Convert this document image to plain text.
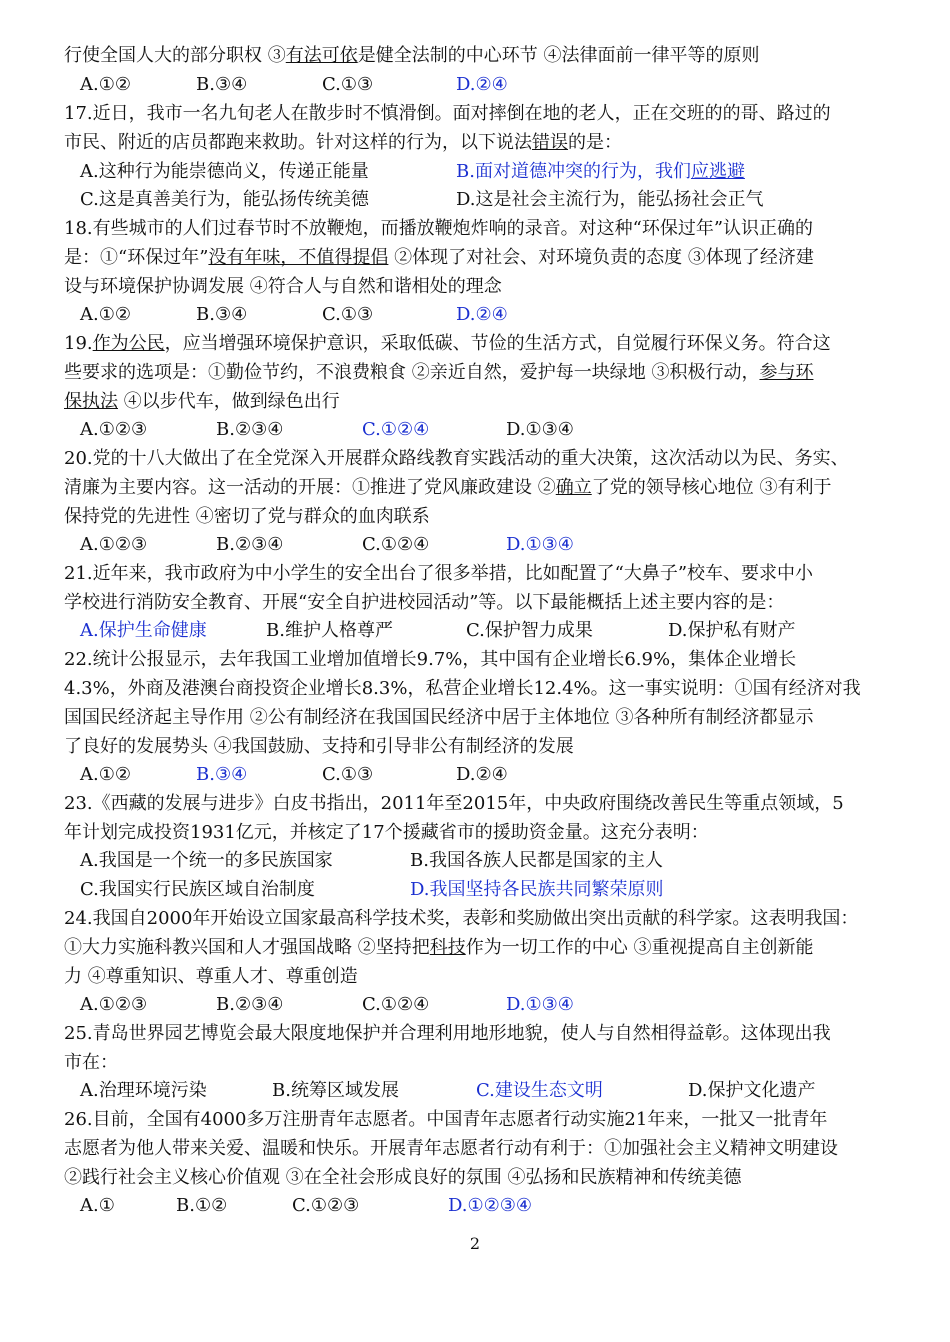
行使全国人大的部分职权 ③有法可依是健全法制的中心环节 ④法律面前一律平等的原则
17.近日，我市一名九旬老人在散步时不慎滑倒。面对摔倒在地的老人，正在交班的的哥、路过的
市民、附近的店员都跑来救助。针对这样的行为，以下说法错误的是：
18.有些城市的人们过春节时不放鞭炮，而播放鞭炮炸响的录音。对这种“环保过年”认识正确的
是：①“环保过年”没有年味，不值得提倡 ②体现了对社会、对环境负责的态度 ③体现了经济建
设与环境保护协调发展 ④符合人与自然和谐相处的理念
19.作为公民，应当增强环境保护意识，采取低碳、节俭的生活方式，自觉履行环保义务。符合这
些要求的选项是：①勤俭节约，不浪费粮食 ②亲近自然，爱护每一块绿地 ③积极行动，参与环
保执法 ④以步代车，做到绿色出行
20.党的十八大做出了在全党深入开展群众路线教育实践活动的重大决策，这次活动以为民、务实、
清廉为主要内容。这一活动的开展：①推进了党风廉政建设 ②确立了党的领导核心地位 ③有利于
保持党的先进性 ④密切了党与群众的血肉联系
21.近年来，我市政府为中小学生的安全出台了很多举措，比如配置了“大鼻子”校车、要求中小
学校进行消防安全教育、开展“安全自护进校园活动”等。以下最能概括上述主要内容的是：
22.统计公报显示，去年我国工业增加值增长9.7%，其中国有企业增长6.9%，集体企业增长
4.3%，外商及港澳台商投资企业增长8.3%，私营企业增长12.4%。这一事实说明：①国有经济对我
国国民经济起主导作用 ②公有制经济在我国国民经济中居于主体地位 ③各种所有制经济都显示
了良好的发展势头 ④我国鼓励、支持和引导非公有制经济的发展
23.《西藏的发展与进步》白皮书指出，2011年至2015年，中央政府围绕改善民生等重点领域，5
年计划完成投资1931亿元，并核定了17个援藏省市的援助资金量。这充分表明：
24.我国自2000年开始设立国家最高科学技术奖，表彰和奖励做出突出贡献的科学家。这表明我国：
①大力实施科教兴国和人才强国战略 ②坚持把科技作为一切工作的中心 ③重视提高自主创新能
力 ④尊重知识、尊重人才、尊重创造
25.青岛世界园艺博览会最大限度地保护并合理利用地形地貌，使人与自然相得益彰。这体现出我
市在：
26.目前，全国有4000多万注册青年志愿者。中国青年志愿者行动实施21年来，一批又一批青年
志愿者为他人带来关爱、温暖和快乐。开展青年志愿者行动有利于：①加强社会主义精神文明建设
②践行社会主义核心价值观 ③在全社会形成良好的氛围 ④弘扬和民族精神和传统美德
A.①②	B.③④	C.①③	D.②④
A.这种行为能崇德尚义，传递正能量	B.面对道德冲突的行为，我们应逃避
C.这是真善美行为，能弘扬传统美德	D.这是社会主流行为，能弘扬社会正气
A.①②	B.③④	C.①③	D.②④
A.①②③	B.②③④	C.①②④	D.①③④
A.①②③	B.②③④	C.①②④	D.①③④
A.保护生命健康	B.维护人格尊严	C.保护智力成果	D.保护私有财产
A.①②	B.③④	C.①③	D.②④
A.我国是一个统一的多民族国家	B.我国各族人民都是国家的主人
C.我国实行民族区域自治制度	D.我国坚持各民族共同繁荣原则
A.①②③	B.②③④	C.①②④	D.①③④
A.治理环境污染	B.统筹区域发展	C.建设生态文明	D.保护文化遗产
A.①	B.①②	C.①②③	D.①②③④
2
